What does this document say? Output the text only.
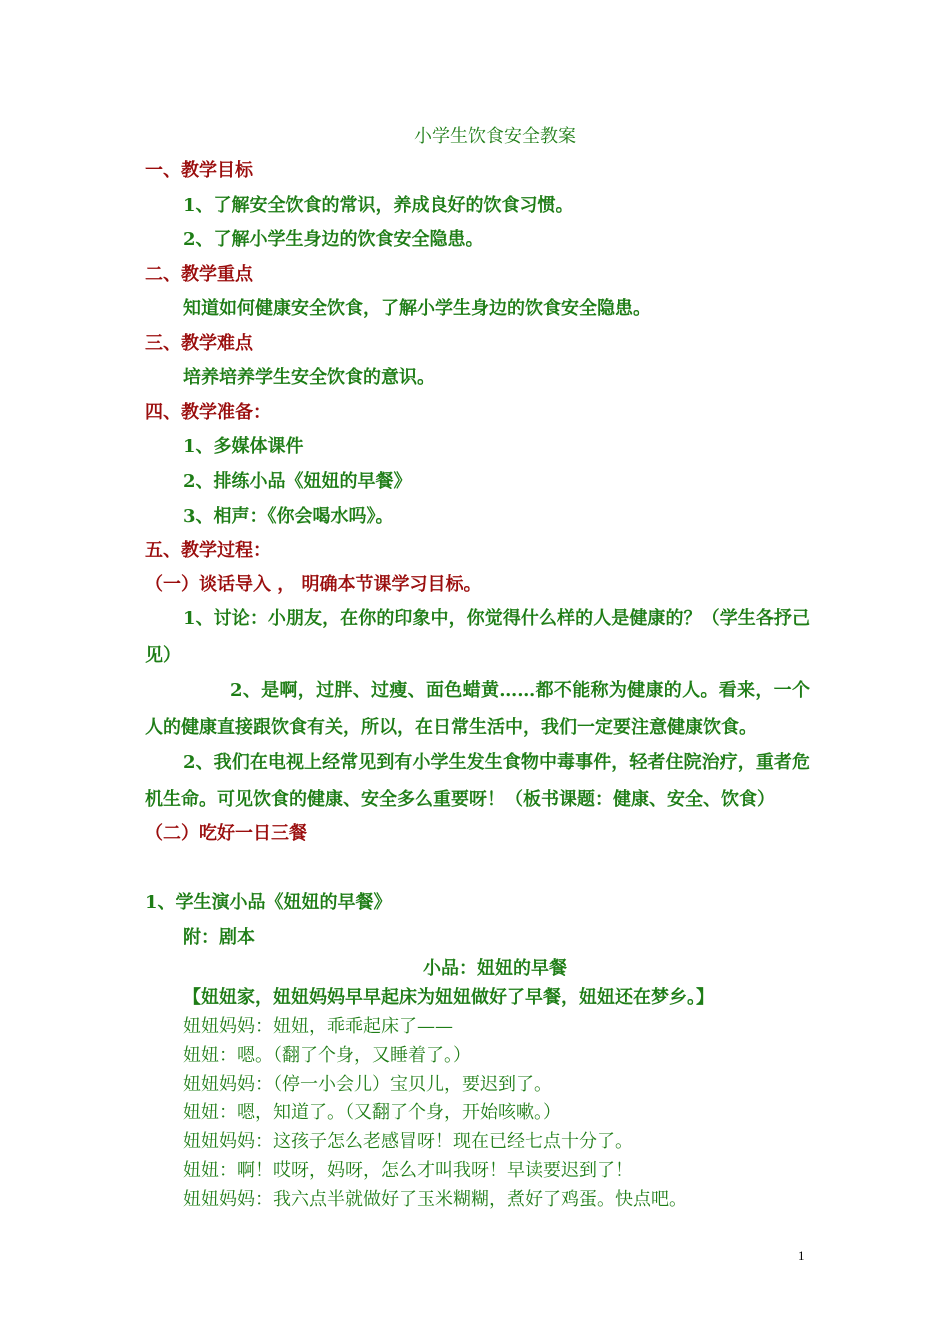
小学生饮食安全教案

一、教学目标

1、了解安全饮食的常识，养成良好的饮食习惯。

2、了解小学生身边的饮食安全隐患。

二、教学重点

知道如何健康安全饮食，了解小学生身边的饮食安全隐患。

三、教学难点

培养培养学生安全饮食的意识。

四、教学准备：

1、多媒体课件

2、排练小品《妞妞的早餐》

3、相声：《你会喝水吗》。

五、教学过程：

（一）谈话导入 ， 明确本节课学习目标。

1、讨论：小朋友，在你的印象中，你觉得什么样的人是健康的？（学生各抒己见）

2、是啊，过胖、过瘦、面色蜡黄……都不能称为健康的人。看来，一个人的健康直接跟饮食有关，所以，在日常生活中，我们一定要注意健康饮食。

2、我们在电视上经常见到有小学生发生食物中毒事件，轻者住院治疗，重者危机生命。可见饮食的健康、安全多么重要呀！（板书课题：健康、安全、饮食）

（二）吃好一日三餐

1、学生演小品《妞妞的早餐》

附：剧本

小品：妞妞的早餐

【妞妞家，妞妞妈妈早早起床为妞妞做好了早餐，妞妞还在梦乡。】

妞妞妈妈：妞妞，乖乖起床了——

妞妞：嗯。（翻了个身，又睡着了。）

妞妞妈妈：（停一小会儿）宝贝儿，要迟到了。

妞妞：嗯，知道了。（又翻了个身，开始咳嗽。）

妞妞妈妈：这孩子怎么老感冒呀！现在已经七点十分了。

妞妞：啊！哎呀，妈呀，怎么才叫我呀！早读要迟到了！

妞妞妈妈：我六点半就做好了玉米糊糊，煮好了鸡蛋。快点吧。

1
